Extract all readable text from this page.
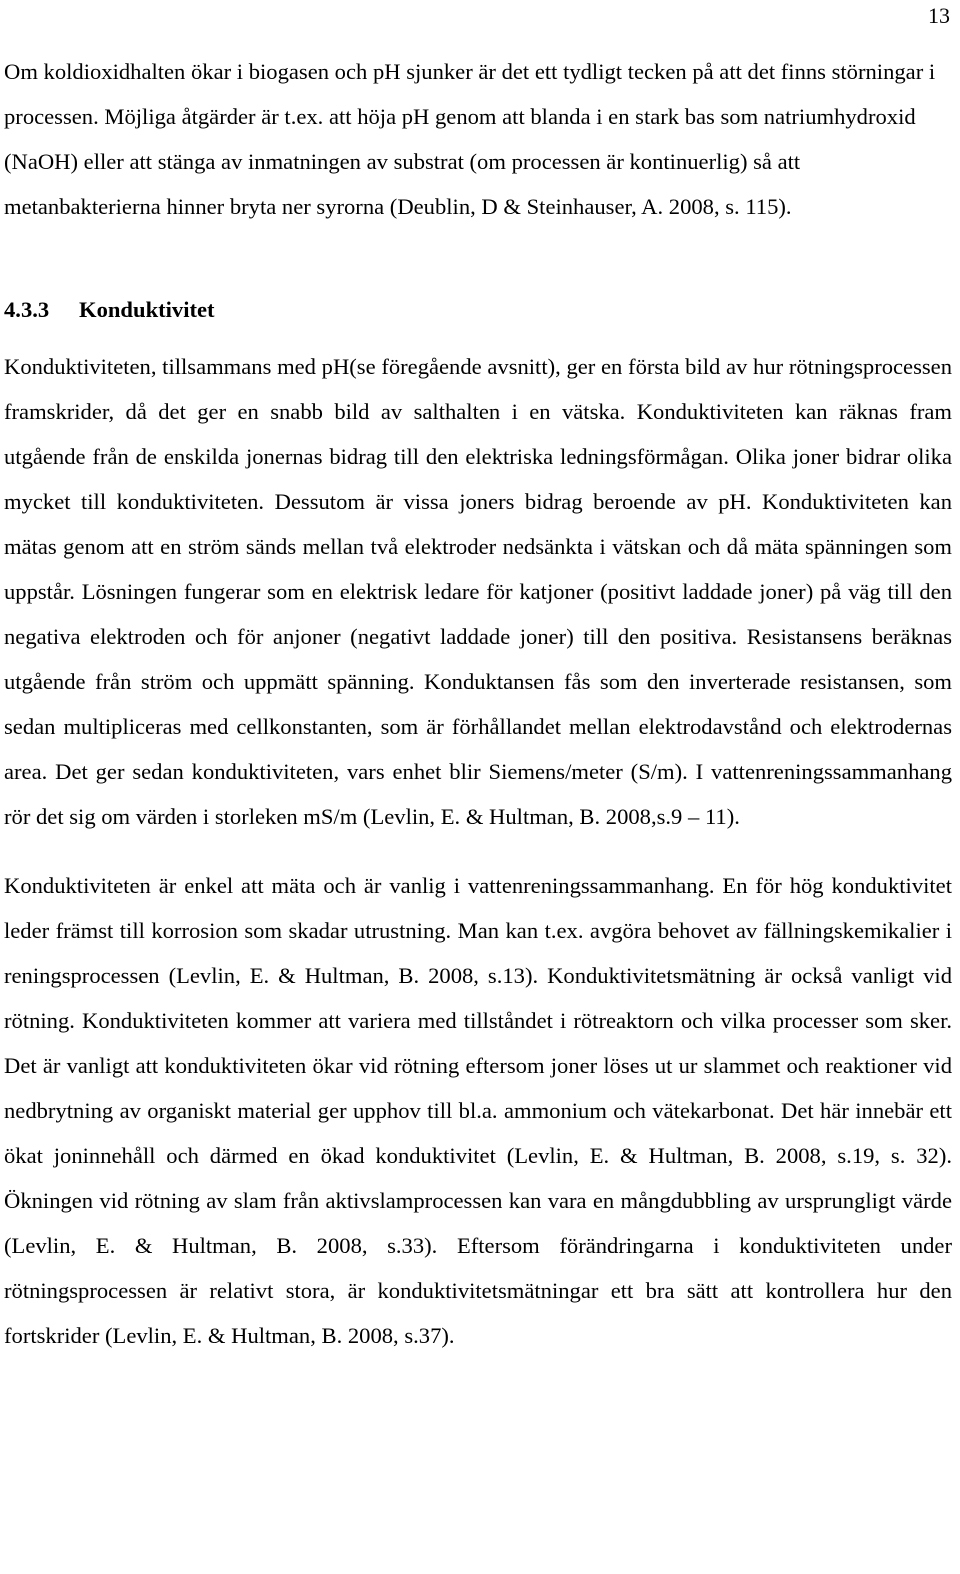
13

Om koldioxidhalten ökar i biogasen och pH sjunker är det ett tydligt tecken på att det finns störningar i processen. Möjliga åtgärder är t.ex. att höja pH genom att blanda i en stark bas som natriumhydroxid (NaOH) eller att stänga av inmatningen av substrat (om processen är kontinuerlig) så att metanbakterierna hinner bryta ner syrorna (Deublin, D & Steinhauser, A. 2008, s. 115).

4.3.3	Konduktivitet

Konduktiviteten, tillsammans med pH(se föregående avsnitt), ger en första bild av hur rötningsprocessen framskrider, då det ger en snabb bild av salthalten i en vätska. Konduktiviteten kan räknas fram utgående från de enskilda jonernas bidrag till den elektriska ledningsförmågan. Olika joner bidrar olika mycket till konduktiviteten. Dessutom är vissa joners bidrag beroende av pH. Konduktiviteten kan mätas genom att en ström sänds mellan två elektroder nedsänkta i vätskan och då mäta spänningen som uppstår. Lösningen fungerar som en elektrisk ledare för katjoner (positivt laddade joner) på väg till den negativa elektroden och för anjoner (negativt laddade joner) till den positiva. Resistansens beräknas utgående från ström och uppmätt spänning. Konduktansen fås som den inverterade resistansen, som sedan multipliceras med cellkonstanten, som är förhållandet mellan elektrodavstånd och elektrodernas area. Det ger sedan konduktiviteten, vars enhet blir Siemens/meter (S/m). I vattenreningssammanhang rör det sig om värden i storleken mS/m (Levlin, E. & Hultman, B. 2008,s.9 – 11).

Konduktiviteten är enkel att mäta och är vanlig i vattenreningssammanhang. En för hög konduktivitet leder främst till korrosion som skadar utrustning. Man kan t.ex. avgöra behovet av fällningskemikalier i reningsprocessen (Levlin, E. & Hultman, B. 2008, s.13). Konduktivitetsmätning är också vanligt vid rötning. Konduktiviteten kommer att variera med tillståndet i rötreaktorn och vilka processer som sker. Det är vanligt att konduktiviteten ökar vid rötning eftersom joner löses ut ur slammet och reaktioner vid nedbrytning av organiskt material ger upphov till bl.a. ammonium och vätekarbonat. Det här innebär ett ökat joninnehåll och därmed en ökad konduktivitet (Levlin, E. & Hultman, B. 2008, s.19, s. 32). Ökningen vid rötning av slam från aktivslamprocessen kan vara en mångdubbling av ursprungligt värde (Levlin, E. & Hultman, B. 2008, s.33). Eftersom förändringarna i konduktiviteten under rötningsprocessen är relativt stora, är konduktivitetsmätningar ett bra sätt att kontrollera hur den fortskrider (Levlin, E. & Hultman, B. 2008, s.37).
